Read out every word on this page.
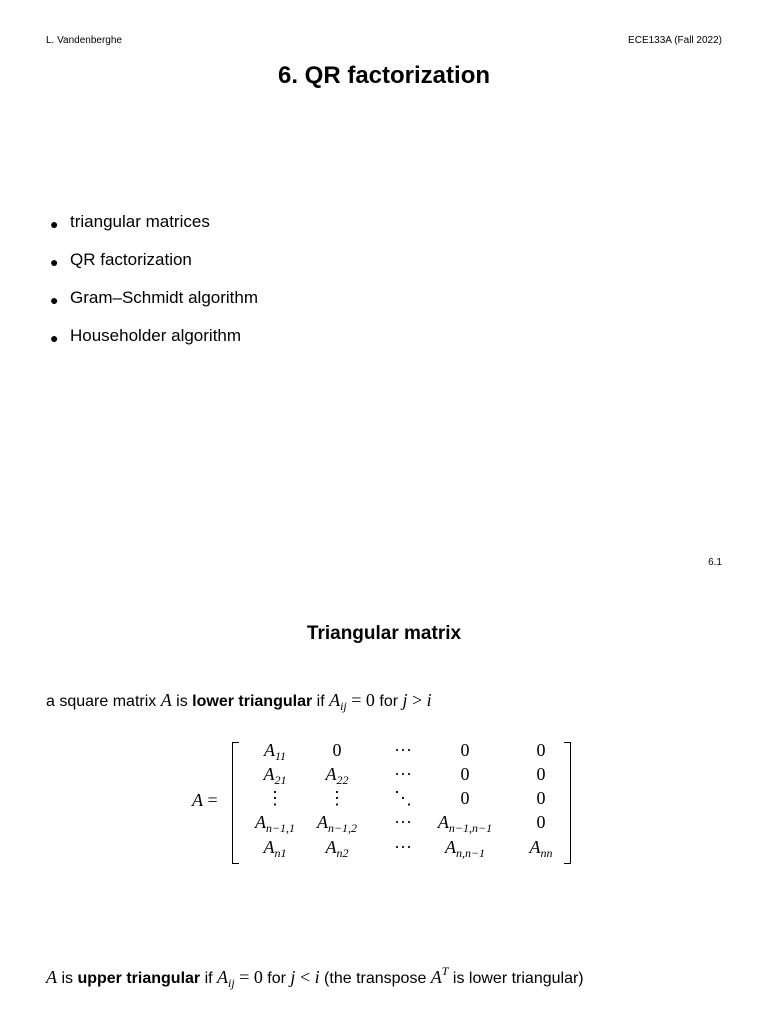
L. Vandenberghe	ECE133A (Fall 2022)
6. QR factorization
● triangular matrices
● QR factorization
● Gram–Schmidt algorithm
● Householder algorithm
6.1
Triangular matrix
a square matrix A is lower triangular if $A_{ij} = 0$ for j > i
A =
$A_{11}$	0	···	0	0
$A_{21}$	$A_{22}$	···	0	0
⋮	⋮	⋱	0	0
$A_{n-1,1}$	$A_{n-1,2}$	···	$A_{n-1,n-1}$	0
$A_{n1}$	$A_{n2}$	···	$A_{n,n-1}$	$A_{nn}$
A is upper triangular if $A_{ij} = 0$ for j < i (the transpose $A^T$ is lower triangular)
